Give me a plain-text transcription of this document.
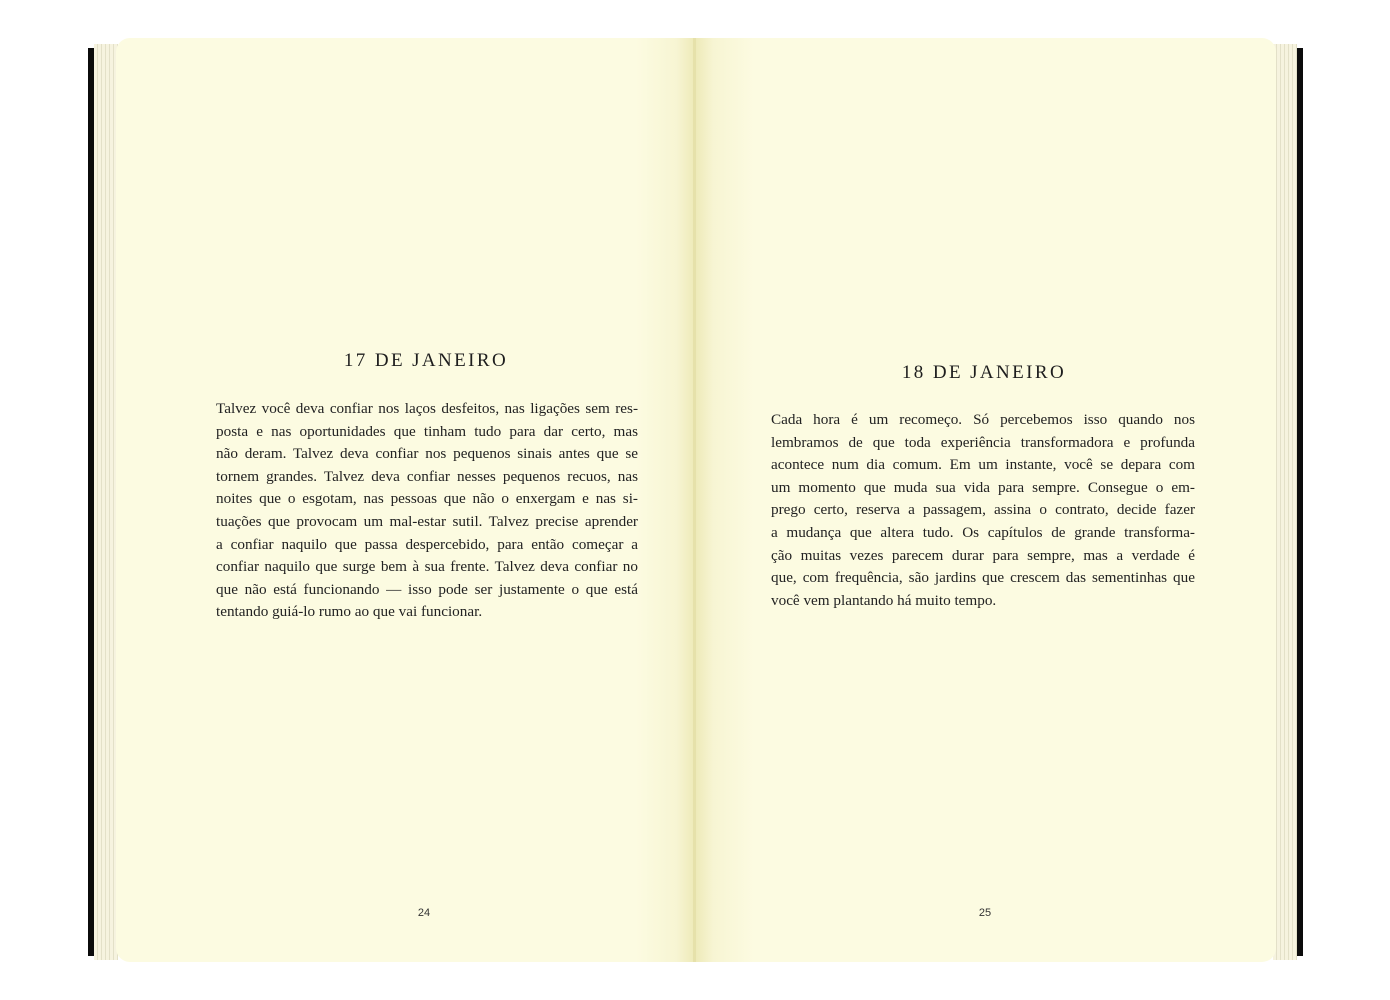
17 DE JANEIRO
Talvez você deva confiar nos laços desfeitos, nas ligações sem res-
posta e nas oportunidades que tinham tudo para dar certo, mas
não deram. Talvez deva confiar nos pequenos sinais antes que se
tornem grandes. Talvez deva confiar nesses pequenos recuos, nas
noites que o esgotam, nas pessoas que não o enxergam e nas si-
tuações que provocam um mal-estar sutil. Talvez precise aprender
a confiar naquilo que passa despercebido, para então começar a
confiar naquilo que surge bem à sua frente. Talvez deva confiar no
que não está funcionando — isso pode ser justamente o que está
tentando guiá-lo rumo ao que vai funcionar.
24
18 DE JANEIRO
Cada hora é um recomeço. Só percebemos isso quando nos
lembramos de que toda experiência transformadora e profunda
acontece num dia comum. Em um instante, você se depara com
um momento que muda sua vida para sempre. Consegue o em-
prego certo, reserva a passagem, assina o contrato, decide fazer
a mudança que altera tudo. Os capítulos de grande transforma-
ção muitas vezes parecem durar para sempre, mas a verdade é
que, com frequência, são jardins que crescem das sementinhas que
você vem plantando há muito tempo.
25
